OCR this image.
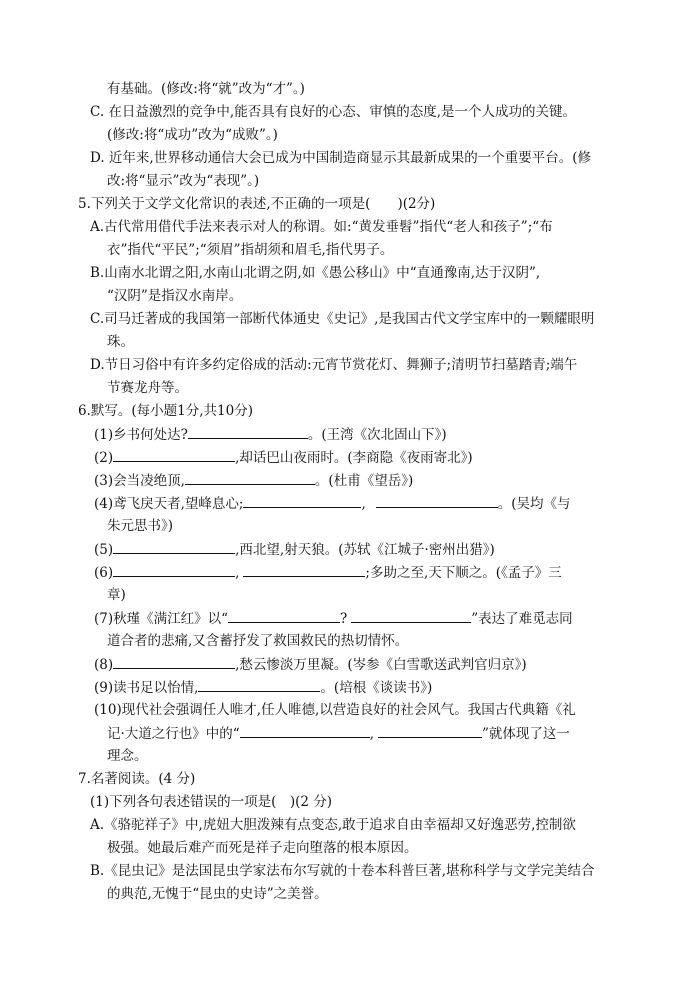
有基础。(修改:将“就”改为“才”。)
C. 在日益激烈的竞争中,能否具有良好的心态、审慎的态度,是一个人成功的关键。
(修改:将“成功”改为“成败”。)
D. 近年来,世界移动通信大会已成为中国制造商显示其最新成果的一个重要平台。(修
改:将“显示”改为“表现”。)
5.下列关于文学文化常识的表述,不正确的一项是(　　)(2分)
A.古代常用借代手法来表示对人的称谓。如:“黄发垂髫”指代“老人和孩子”;“布
衣”指代“平民”;“须眉”指胡须和眉毛,指代男子。
B.山南水北谓之阳,水南山北谓之阴,如《愚公移山》中“直通豫南,达于汉阴”,
“汉阴”是指汉水南岸。
C.司马迁著成的我国第一部断代体通史《史记》,是我国古代文学宝库中的一颗耀眼明
珠。
D.节日习俗中有许多约定俗成的活动:元宵节赏花灯、舞狮子;清明节扫墓踏青;端午
节赛龙舟等。
6.默写。(每小题1分,共10分)
(1)乡书何处达?	。(王湾《次北固山下》)
(2)	,却话巴山夜雨时。(李商隐《夜雨寄北》)
(3)会当凌绝顶,	。(杜甫《望岳》)
(4)鸢飞戾天者,望峰息心;	,	。(吴均《与
朱元思书》)
(5)	,西北望,射天狼。(苏轼《江城子·密州出猎》)
(6)	,	;多助之至,天下顺之。(《孟子》三
章)
(7)秋瑾《满江红》以“	?	”表达了难觅志同
道合者的悲痛,又含蓄抒发了救国救民的热切情怀。
(8)	,愁云惨淡万里凝。(岑参《白雪歌送武判官归京》)
(9)读书足以怡情,	。(培根《谈读书》)
(10)现代社会强调任人唯才,任人唯德,以营造良好的社会风气。我国古代典籍《礼
记·大道之行也》中的“	,	”就体现了这一
理念。
7.名著阅读。(4 分)
(1)下列各句表述错误的一项是(　)(2 分)
A.《骆驼祥子》中,虎妞大胆泼辣有点变态,敢于追求自由幸福却又好逸恶劳,控制欲
极强。她最后难产而死是祥子走向堕落的根本原因。
B.《昆虫记》是法国昆虫学家法布尔写就的十卷本科普巨著,堪称科学与文学完美结合
的典范,无愧于“昆虫的史诗”之美誉。
